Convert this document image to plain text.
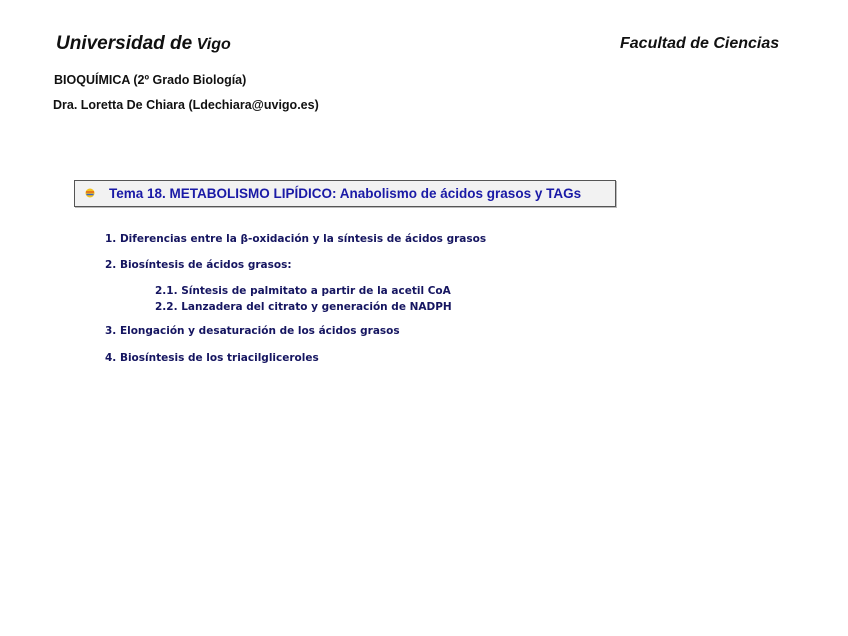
Universidad de Vigo	Facultad de Ciencias
BIOQUÍMICA (2º Grado Biología)
Dra. Loretta De Chiara (Ldechiara@uvigo.es)
Tema 18. METABOLISMO LIPÍDICO: Anabolismo de ácidos grasos y TAGs
1. Diferencias entre la β-oxidación y la síntesis de ácidos grasos
2. Biosíntesis de ácidos grasos:
2.1. Síntesis de palmitato a partir de la acetil CoA
2.2. Lanzadera del citrato y generación de NADPH
3. Elongación y desaturación de los ácidos grasos
4. Biosíntesis de los triacilgliceroles
